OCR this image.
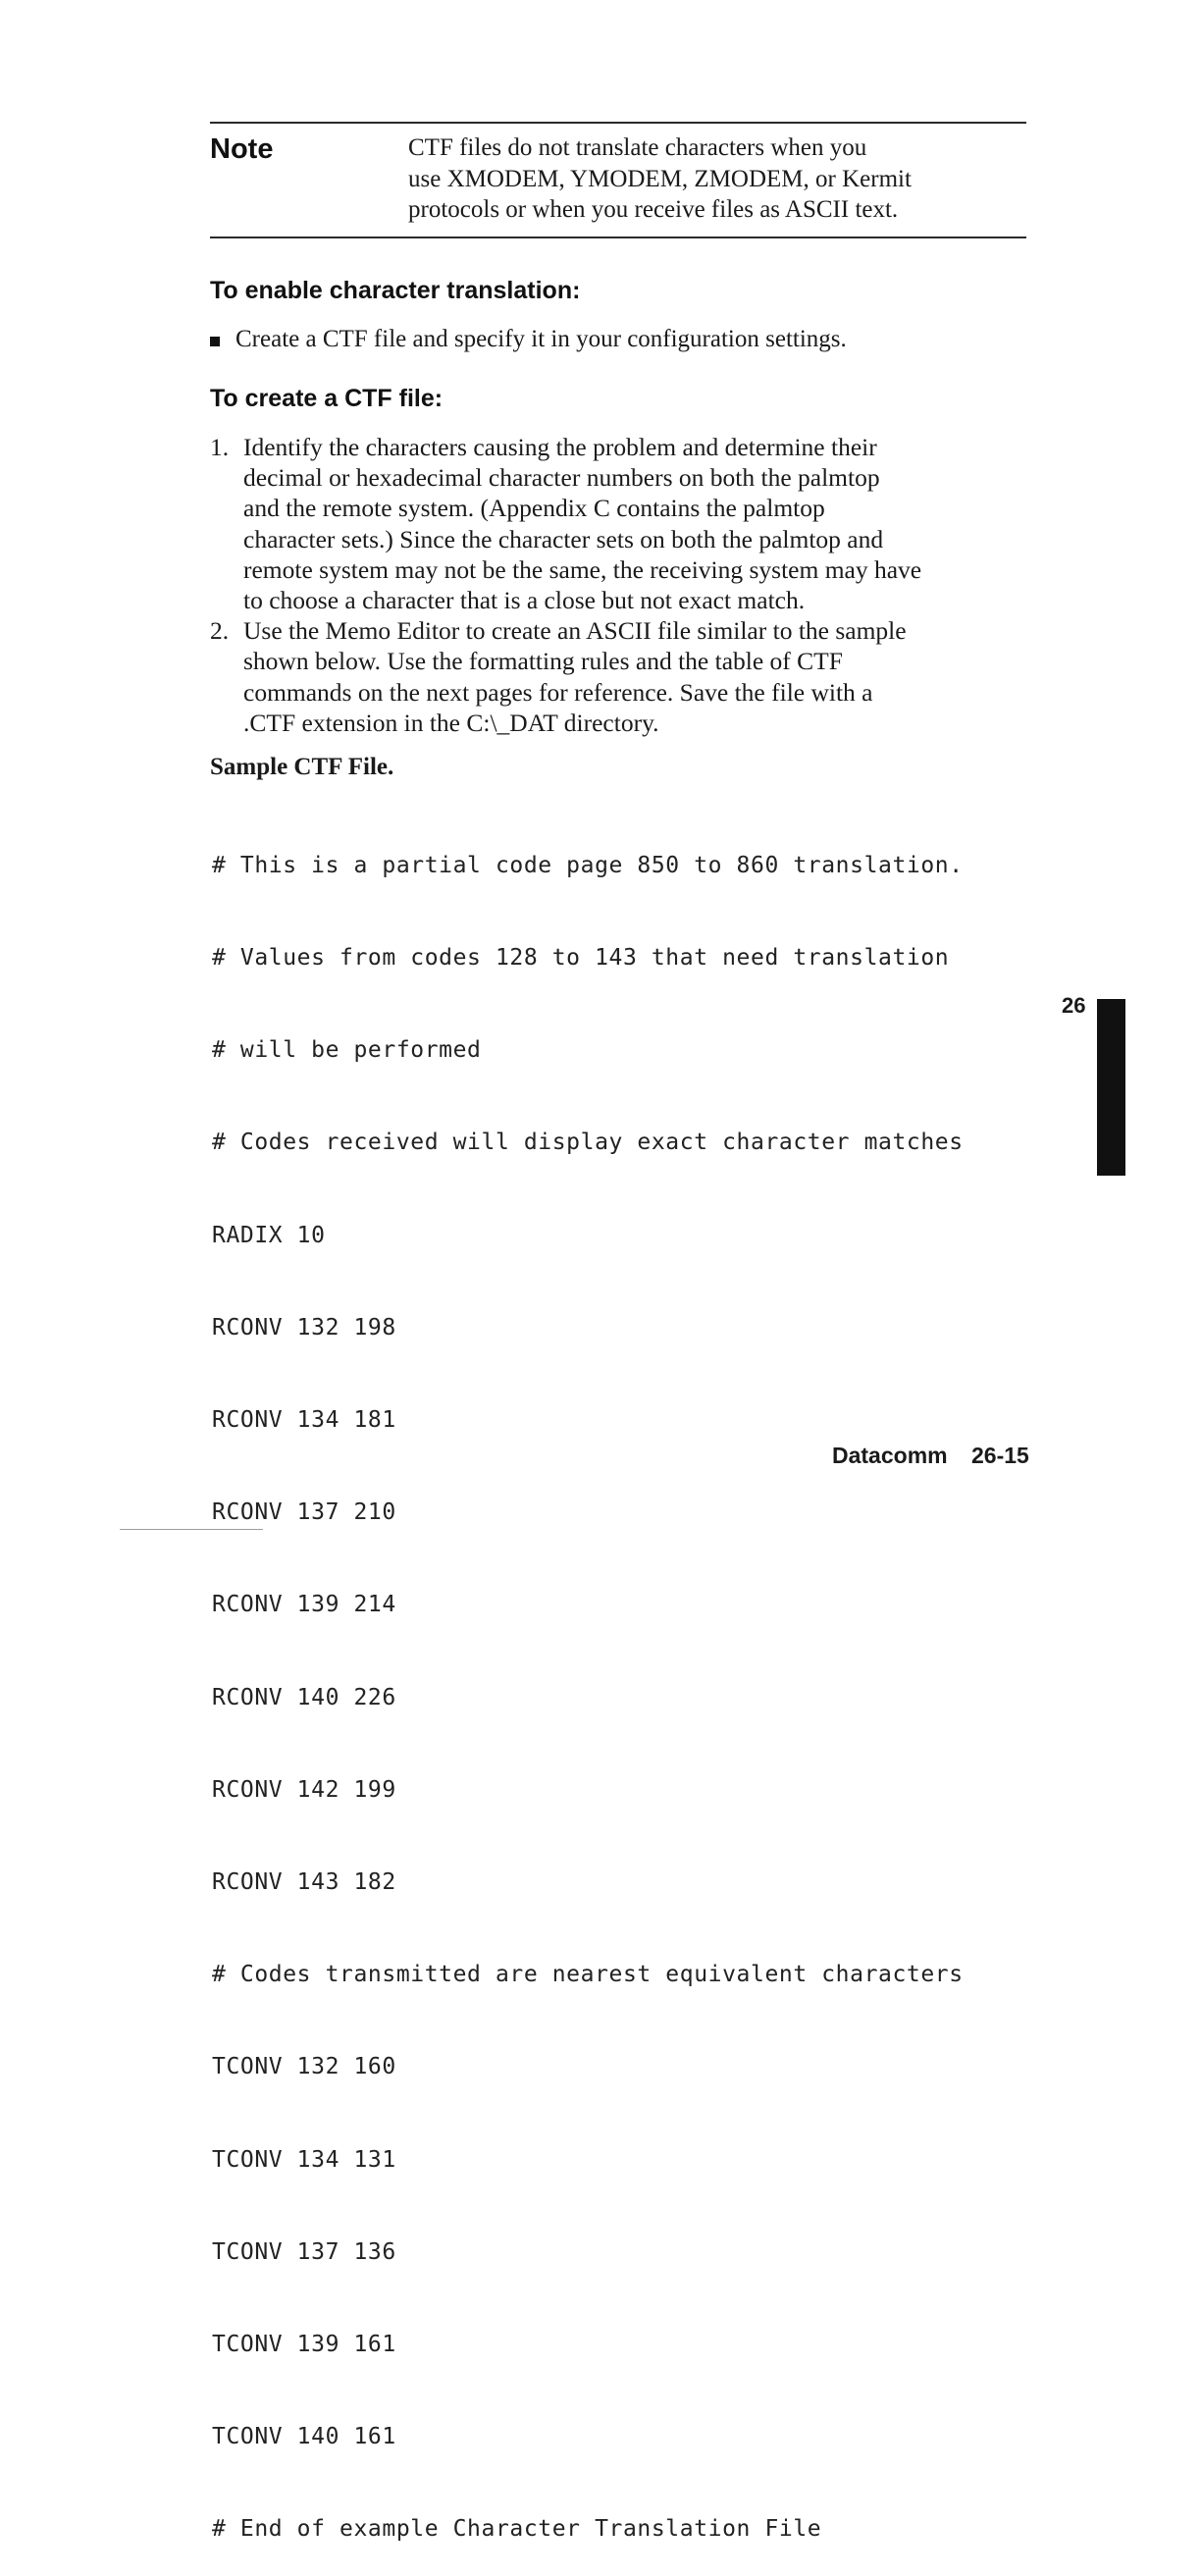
Note	CTF files do not translate characters when you
use XMODEM, YMODEM, ZMODEM, or Kermit
protocols or when you receive files as ASCII text.
To enable character translation:
Create a CTF file and specify it in your configuration settings.
To create a CTF file:
1. Identify the characters causing the problem and determine their
decimal or hexadecimal character numbers on both the palmtop
and the remote system. (Appendix C contains the palmtop
character sets.) Since the character sets on both the palmtop and
remote system may not be the same, the receiving system may have
to choose a character that is a close but not exact match.
2. Use the Memo Editor to create an ASCII file similar to the sample
shown below. Use the formatting rules and the table of CTF
commands on the next pages for reference. Save the file with a
.CTF extension in the C:\_DAT directory.
Sample CTF File.

# This is a partial code page 850 to 860 translation.

# Values from codes 128 to 143 that need translation

# will be performed

# Codes received will display exact character matches

RADIX 10

RCONV 132 198

RCONV 134 181

RCONV 137 210

RCONV 139 214

RCONV 140 226

RCONV 142 199

RCONV 143 182

# Codes transmitted are nearest equivalent characters

TCONV 132 160

TCONV 134 131

TCONV 137 136

TCONV 139 161

TCONV 140 161

# End of example Character Translation File

26
Datacomm 26-15
